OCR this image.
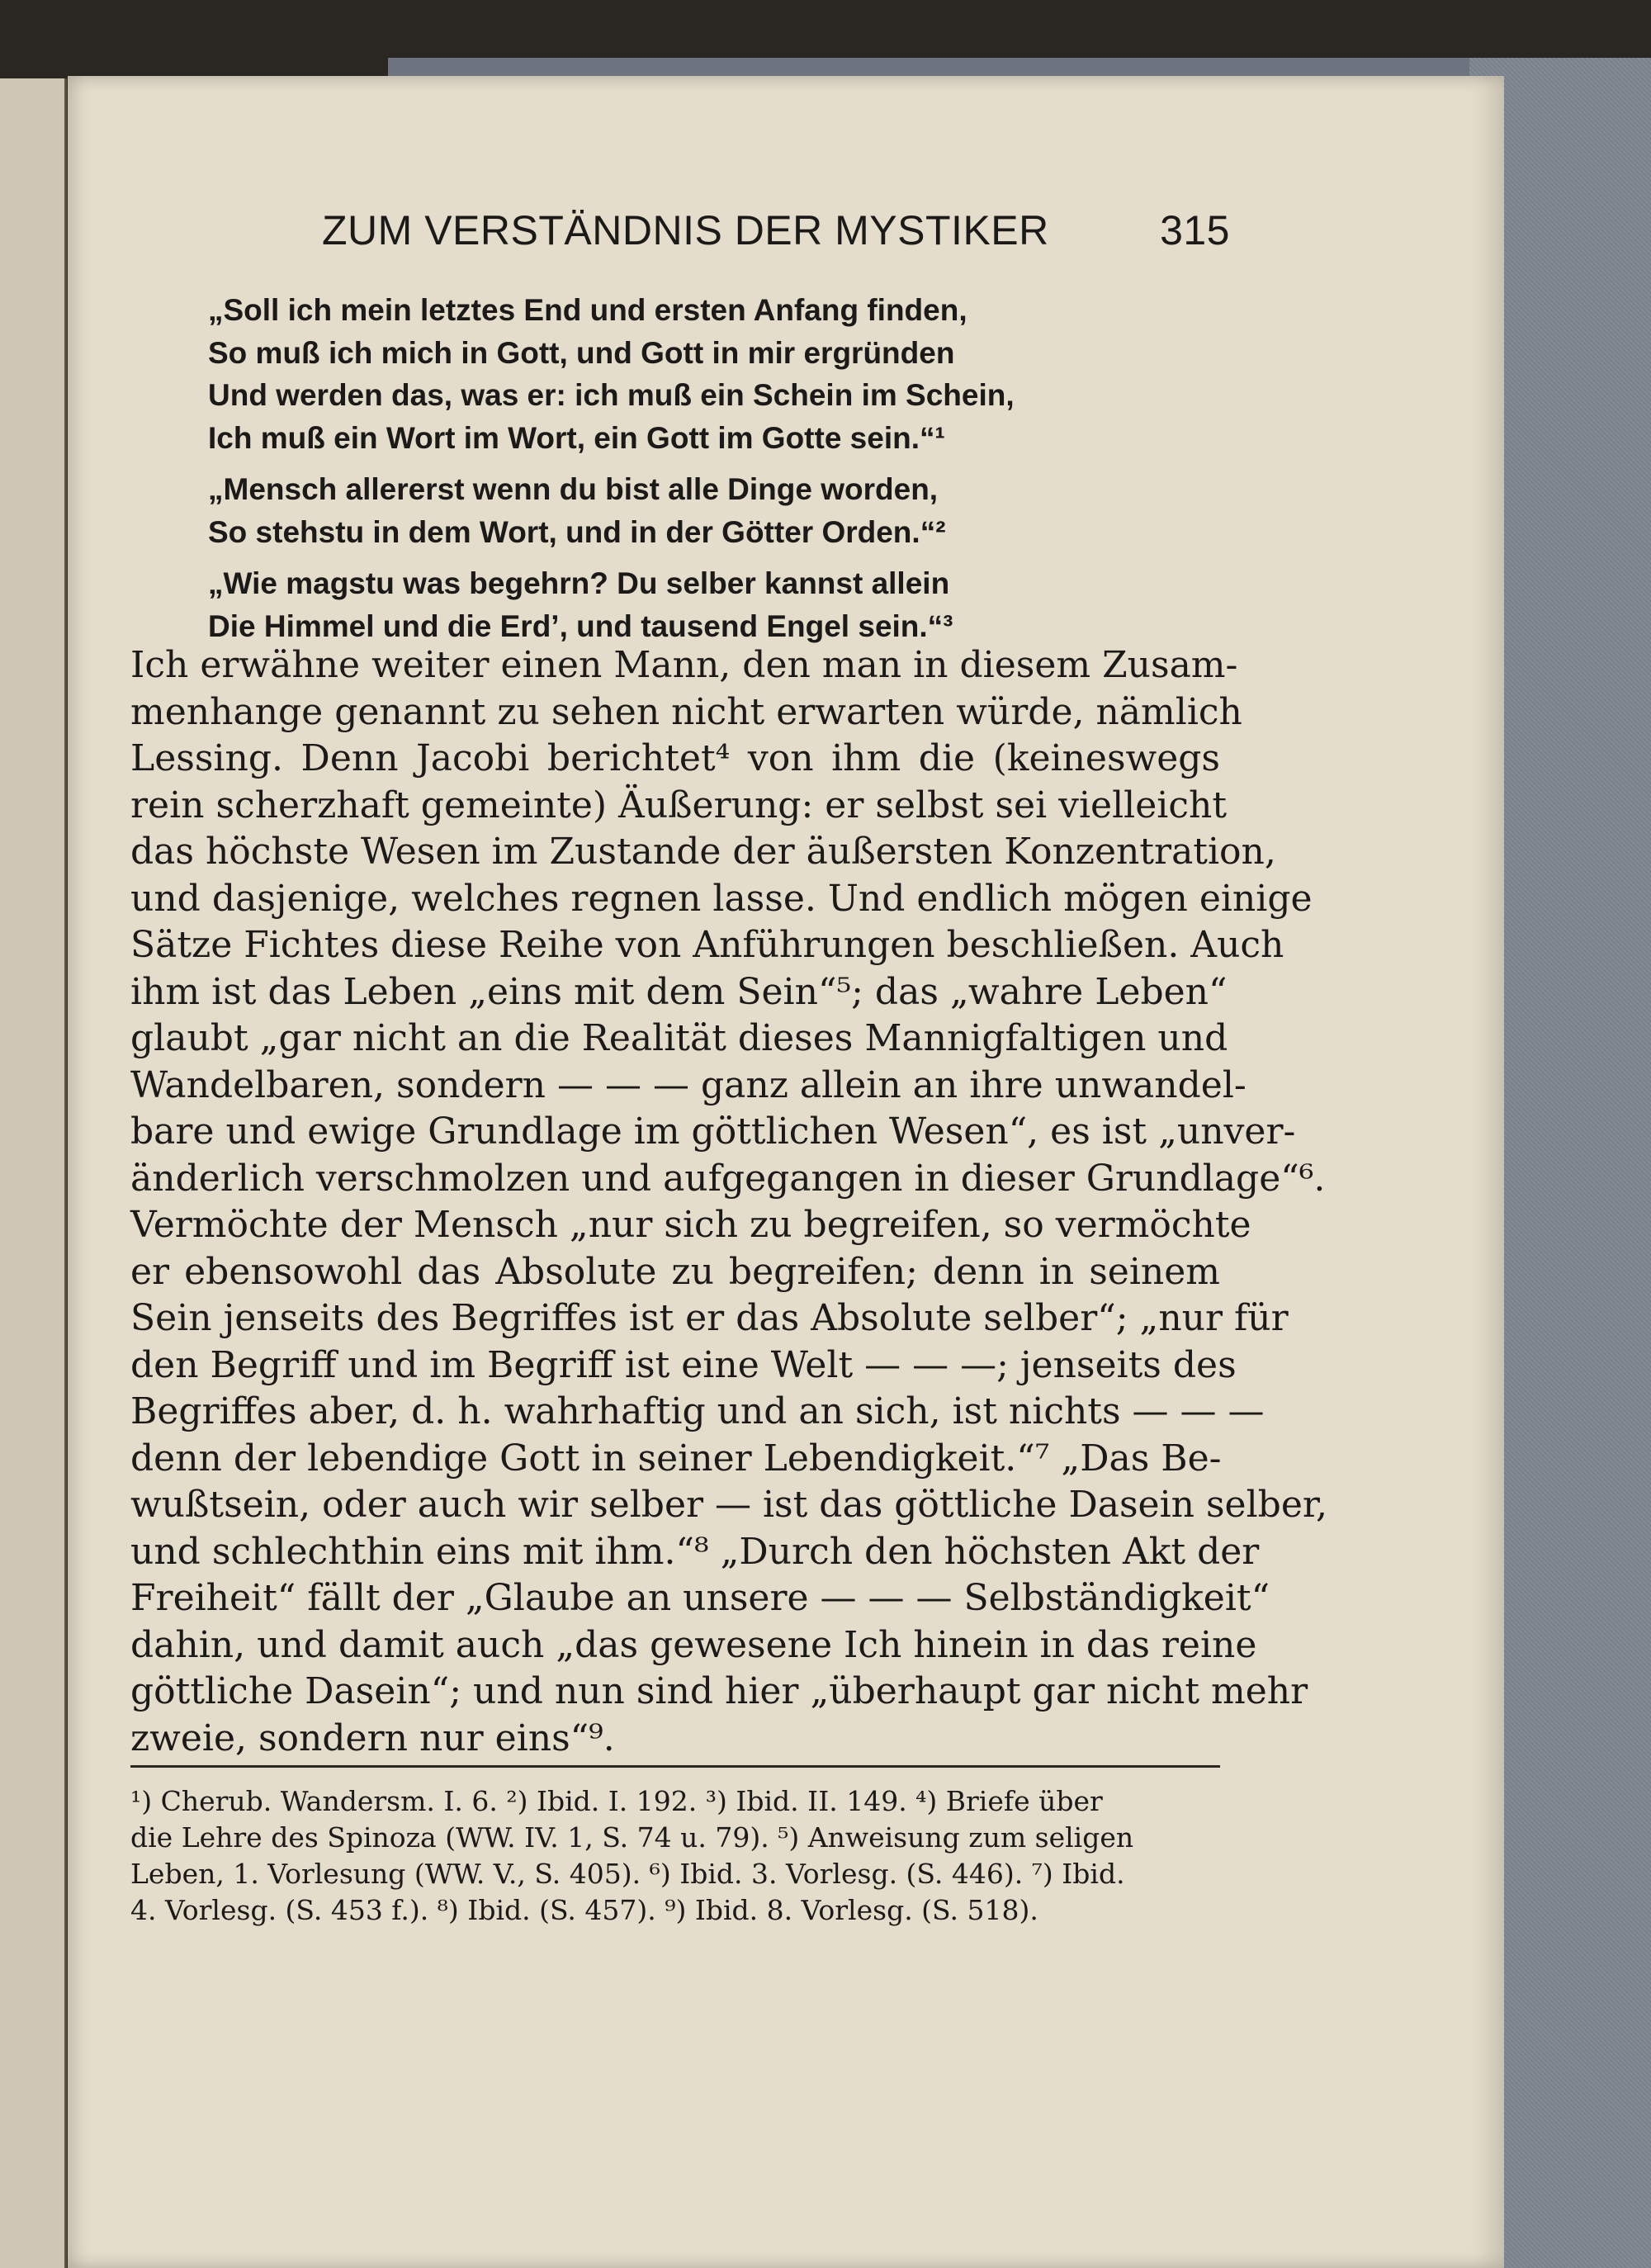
ZUM VERSTÄNDNIS DER MYSTIKER	315
„Soll ich mein letztes End und ersten Anfang finden,
So muß ich mich in Gott, und Gott in mir ergründen
Und werden das, was er: ich muß ein Schein im Schein,
Ich muß ein Wort im Wort, ein Gott im Gotte sein.“¹
„Mensch allererst wenn du bist alle Dinge worden,
So stehstu in dem Wort, und in der Götter Orden.“²
„Wie magstu was begehrn? Du selber kannst allein
Die Himmel und die Erd’, und tausend Engel sein.“³
Ich erwähne weiter einen Mann, den man in diesem Zusam-
menhange genannt zu sehen nicht erwarten würde, nämlich
Lessing. Denn Jacobi berichtet⁴ von ihm die (keineswegs
rein scherzhaft gemeinte) Äußerung: er selbst sei vielleicht
das höchste Wesen im Zustande der äußersten Konzentration,
und dasjenige, welches regnen lasse. Und endlich mögen einige
Sätze Fichtes diese Reihe von Anführungen beschließen. Auch
ihm ist das Leben „eins mit dem Sein“⁵; das „wahre Leben“
glaubt „gar nicht an die Realität dieses Mannigfaltigen und
Wandelbaren, sondern — — — ganz allein an ihre unwandel-
bare und ewige Grundlage im göttlichen Wesen“, es ist „unver-
änderlich verschmolzen und aufgegangen in dieser Grundlage“⁶.
Vermöchte der Mensch „nur sich zu begreifen, so vermöchte
er ebensowohl das Absolute zu begreifen; denn in seinem
Sein jenseits des Begriffes ist er das Absolute selber“; „nur für
den Begriff und im Begriff ist eine Welt — — —; jenseits des
Begriffes aber, d. h. wahrhaftig und an sich, ist nichts — — —
denn der lebendige Gott in seiner Lebendigkeit.“⁷ „Das Be-
wußtsein, oder auch wir selber — ist das göttliche Dasein selber,
und schlechthin eins mit ihm.“⁸ „Durch den höchsten Akt der
Freiheit“ fällt der „Glaube an unsere — — — Selbständigkeit“
dahin, und damit auch „das gewesene Ich hinein in das reine
göttliche Dasein“; und nun sind hier „überhaupt gar nicht mehr
zweie, sondern nur eins“⁹.
¹) Cherub. Wandersm. I. 6. ²) Ibid. I. 192. ³) Ibid. II. 149. ⁴) Briefe über
die Lehre des Spinoza (WW. IV. 1, S. 74 u. 79). ⁵) Anweisung zum seligen
Leben, 1. Vorlesung (WW. V., S. 405). ⁶) Ibid. 3. Vorlesg. (S. 446). ⁷) Ibid.
4. Vorlesg. (S. 453 f.). ⁸) Ibid. (S. 457). ⁹) Ibid. 8. Vorlesg. (S. 518).
